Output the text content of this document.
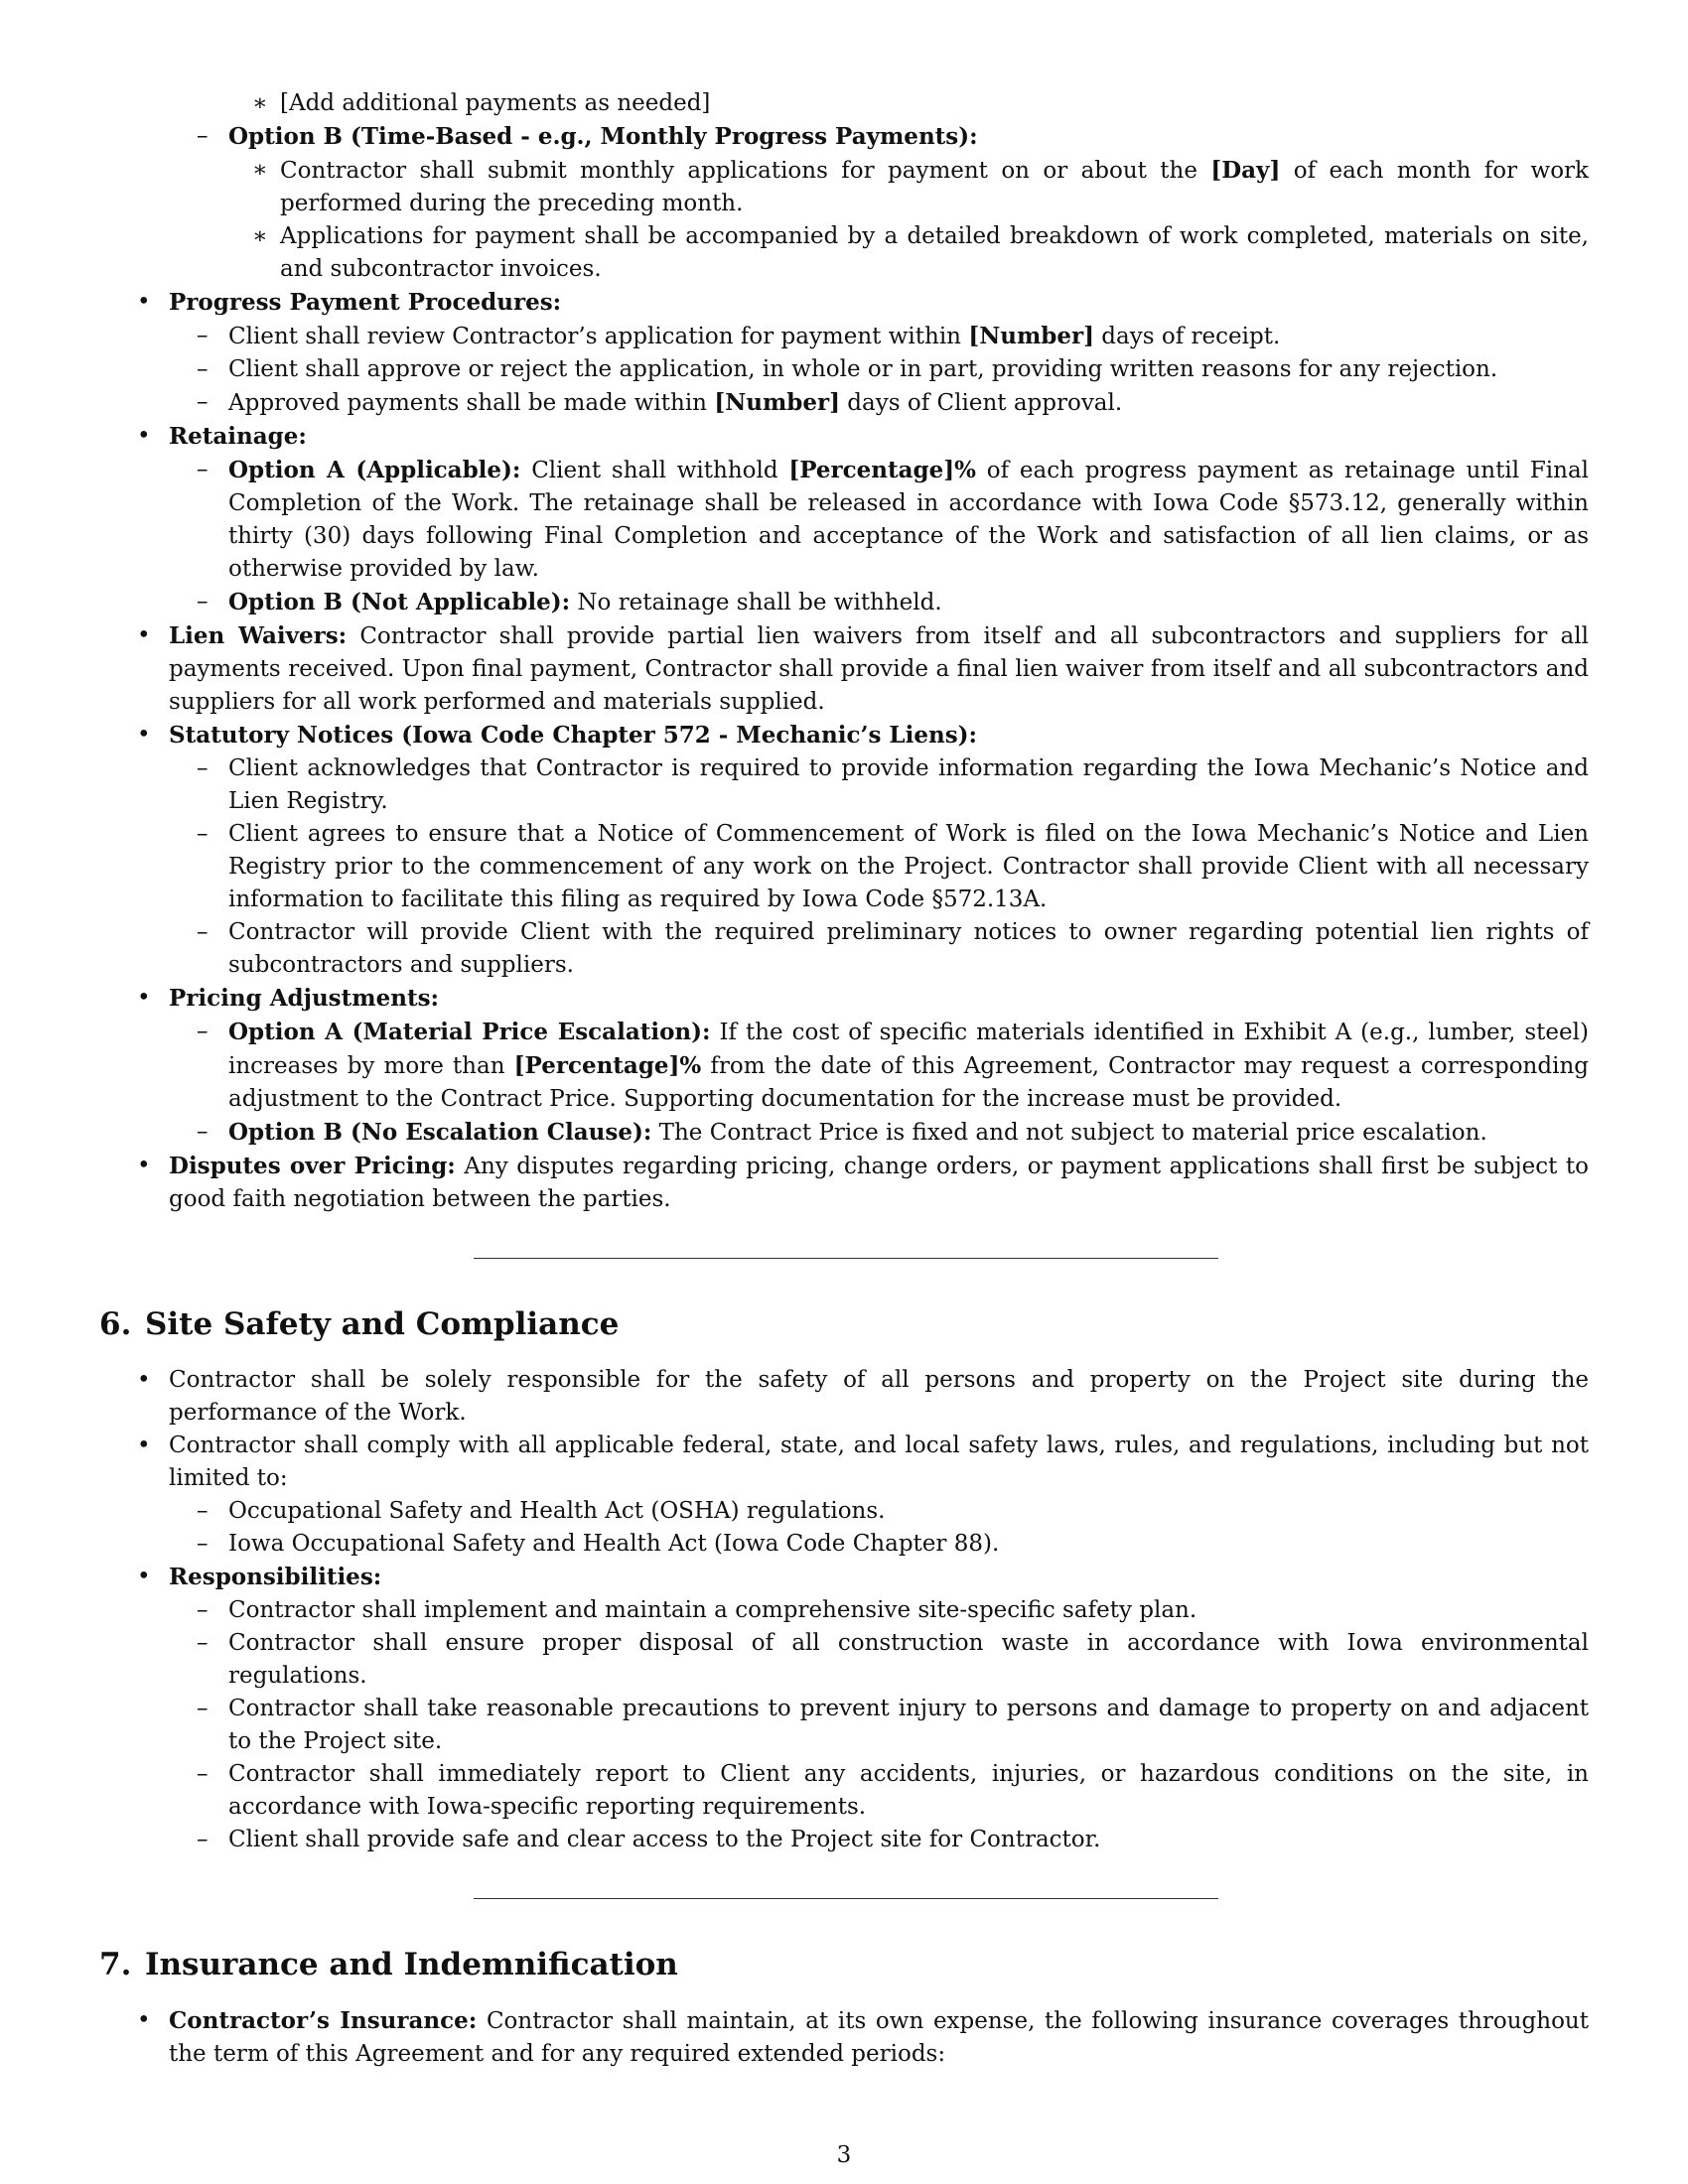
∗ [Add additional payments as needed]
– Option B (Time-Based - e.g., Monthly Progress Payments):
∗ Contractor shall submit monthly applications for payment on or about the [Day] of each month for work performed during the preceding month.
∗ Applications for payment shall be accompanied by a detailed breakdown of work completed, materials on site, and subcontractor invoices.
• Progress Payment Procedures:
– Client shall review Contractor’s application for payment within [Number] days of receipt.
– Client shall approve or reject the application, in whole or in part, providing written reasons for any rejection.
– Approved payments shall be made within [Number] days of Client approval.
• Retainage:
– Option A (Applicable): Client shall withhold [Percentage]% of each progress payment as retainage until Final Completion of the Work. The retainage shall be released in accordance with Iowa Code §573.12, generally within thirty (30) days following Final Completion and acceptance of the Work and satisfaction of all lien claims, or as otherwise provided by law.
– Option B (Not Applicable): No retainage shall be withheld.
• Lien Waivers: Contractor shall provide partial lien waivers from itself and all subcontractors and suppliers for all payments received. Upon final payment, Contractor shall provide a final lien waiver from itself and all subcontractors and suppliers for all work performed and materials supplied.
• Statutory Notices (Iowa Code Chapter 572 - Mechanic’s Liens):
– Client acknowledges that Contractor is required to provide information regarding the Iowa Mechanic’s Notice and Lien Registry.
– Client agrees to ensure that a Notice of Commencement of Work is filed on the Iowa Mechanic’s Notice and Lien Registry prior to the commencement of any work on the Project. Contractor shall provide Client with all necessary information to facilitate this filing as required by Iowa Code §572.13A.
– Contractor will provide Client with the required preliminary notices to owner regarding potential lien rights of subcontractors and suppliers.
• Pricing Adjustments:
– Option A (Material Price Escalation): If the cost of specific materials identified in Exhibit A (e.g., lumber, steel) increases by more than [Percentage]% from the date of this Agreement, Contractor may request a corresponding adjustment to the Contract Price. Supporting documentation for the increase must be provided.
– Option B (No Escalation Clause): The Contract Price is fixed and not subject to material price escalation.
• Disputes over Pricing: Any disputes regarding pricing, change orders, or payment applications shall first be subject to good faith negotiation between the parties.
6. Site Safety and Compliance
• Contractor shall be solely responsible for the safety of all persons and property on the Project site during the performance of the Work.
• Contractor shall comply with all applicable federal, state, and local safety laws, rules, and regulations, including but not limited to:
– Occupational Safety and Health Act (OSHA) regulations.
– Iowa Occupational Safety and Health Act (Iowa Code Chapter 88).
• Responsibilities:
– Contractor shall implement and maintain a comprehensive site-specific safety plan.
– Contractor shall ensure proper disposal of all construction waste in accordance with Iowa environmental regulations.
– Contractor shall take reasonable precautions to prevent injury to persons and damage to property on and adjacent to the Project site.
– Contractor shall immediately report to Client any accidents, injuries, or hazardous conditions on the site, in accordance with Iowa-specific reporting requirements.
– Client shall provide safe and clear access to the Project site for Contractor.
7. Insurance and Indemnification
• Contractor’s Insurance: Contractor shall maintain, at its own expense, the following insurance coverages throughout the term of this Agreement and for any required extended periods:
3
